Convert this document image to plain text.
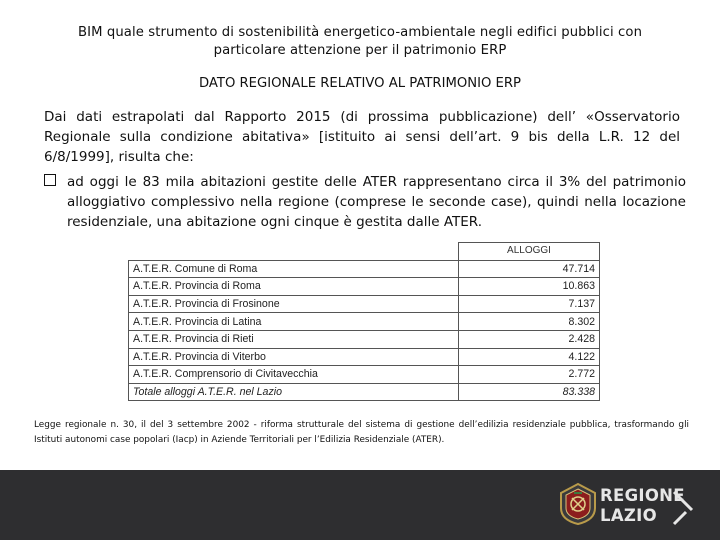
BIM quale strumento di sostenibilità energetico-ambientale negli edifici pubblici con
particolare attenzione per il patrimonio ERP
DATO REGIONALE RELATIVO AL PATRIMONIO ERP
Dai dati estrapolati dal Rapporto 2015 (di prossima pubblicazione) dell’ «Osservatorio Regionale sulla condizione abitativa» [istituito ai sensi dell’art. 9 bis della L.R. 12 del 6/8/1999], risulta che:
ad oggi le 83 mila abitazioni gestite delle ATER rappresentano circa il 3% del patrimonio alloggiativo complessivo nella regione (comprese le seconde case), quindi nella locazione residenziale, una abitazione ogni cinque è gestita dalle ATER.
	ALLOGGI
A.T.E.R. Comune di Roma	47.714
A.T.E.R. Provincia di Roma	10.863
A.T.E.R. Provincia di Frosinone	7.137
A.T.E.R. Provincia di Latina	8.302
A.T.E.R. Provincia di Rieti	2.428
A.T.E.R. Provincia di Viterbo	4.122
A.T.E.R. Comprensorio di Civitavecchia	2.772
Totale alloggi A.T.E.R. nel Lazio	83.338
Legge regionale n. 30, il del 3 settembre 2002 - riforma strutturale del sistema di gestione dell’edilizia residenziale pubblica, trasformando gli Istituti autonomi case popolari (Iacp) in Aziende Territoriali per l’Edilizia Residenziale (ATER).
REGIONE
LAZIO
